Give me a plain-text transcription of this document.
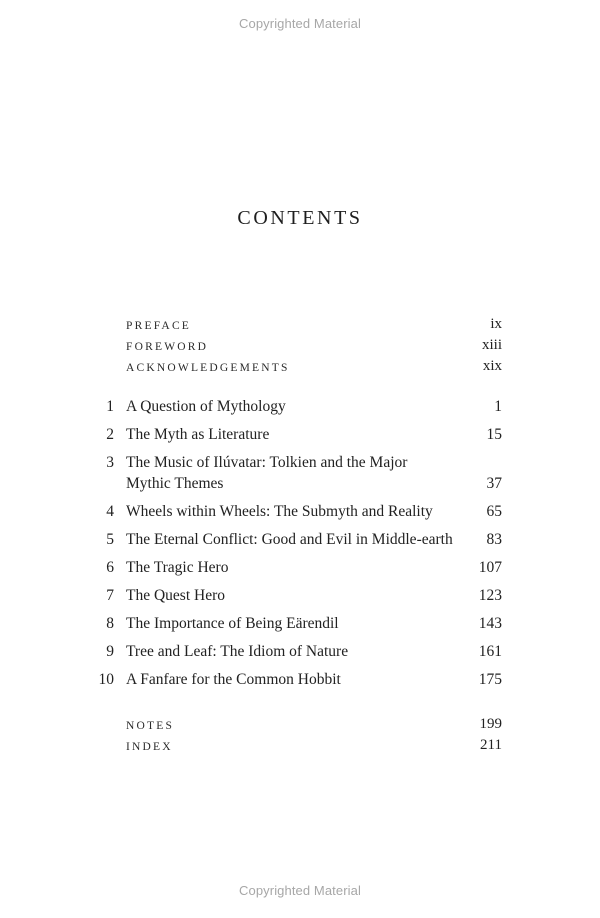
Copyrighted Material
CONTENTS
PREFACE	ix
FOREWORD	xiii
ACKNOWLEDGEMENTS	xix
1 A Question of Mythology	1
2 The Myth as Literature	15
3 The Music of Ilúvatar: Tolkien and the Major
Mythic Themes	37
4 Wheels within Wheels: The Submyth and Reality	65
5 The Eternal Conflict: Good and Evil in Middle-earth 83
6 The Tragic Hero	107
7 The Quest Hero	123
8 The Importance of Being Eärendil	143
9 Tree and Leaf: The Idiom of Nature	161
10 A Fanfare for the Common Hobbit	175
NOTES	199
INDEX	211
Copyrighted Material
